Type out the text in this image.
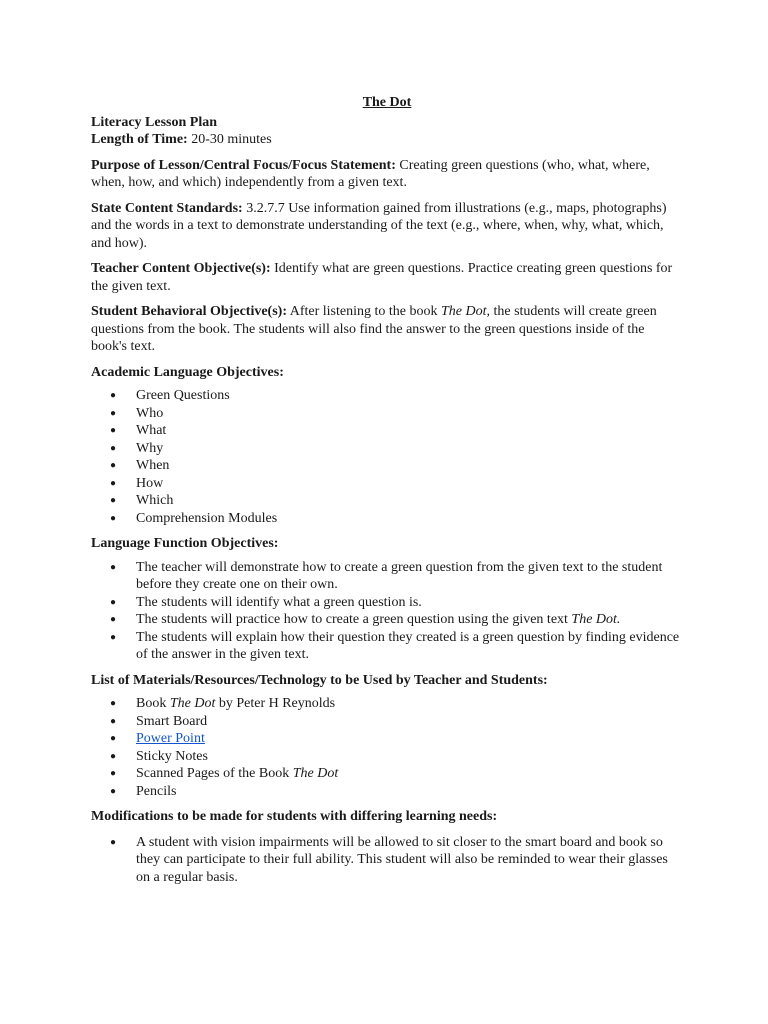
The Dot

Literacy Lesson Plan

Length of Time: 20-30 minutes

Purpose of Lesson/Central Focus/Focus Statement: Creating green questions (who, what, where, when, how, and which) independently from a given text.

State Content Standards: 3.2.7.7 Use information gained from illustrations (e.g., maps, photographs) and the words in a text to demonstrate understanding of the text (e.g., where, when, why, what, which, and how).

Teacher Content Objective(s): Identify what are green questions. Practice creating green questions for the given text.

Student Behavioral Objective(s): After listening to the book The Dot, the students will create green questions from the book. The students will also find the answer to the green questions inside of the book's text.

Academic Language Objectives:

● Green Questions
● Who
● What
● Why
● When
● How
● Which
● Comprehension Modules

Language Function Objectives:

● The teacher will demonstrate how to create a green question from the given text to the student before they create one on their own.
● The students will identify what a green question is.
● The students will practice how to create a green question using the given text The Dot.
● The students will explain how their question they created is a green question by finding evidence of the answer in the given text.

List of Materials/Resources/Technology to be Used by Teacher and Students:

● Book The Dot by Peter H Reynolds
● Smart Board
● Power Point
● Sticky Notes
● Scanned Pages of the Book The Dot
● Pencils

Modifications to be made for students with differing learning needs:

● A student with vision impairments will be allowed to sit closer to the smart board and book so they can participate to their full ability. This student will also be reminded to wear their glasses on a regular basis.
